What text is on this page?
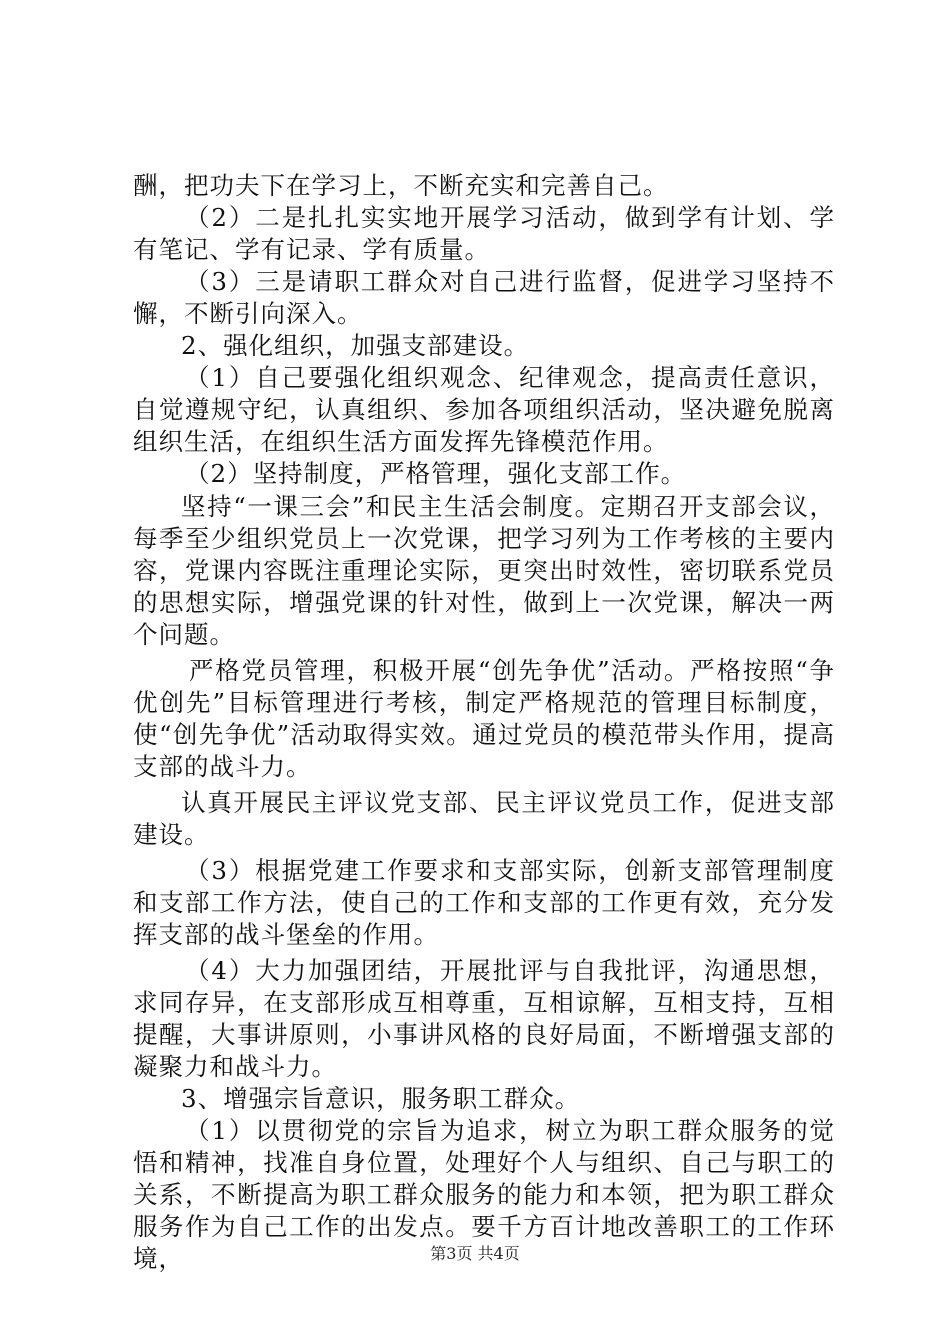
酬，把功夫下在学习上，不断充实和完善自己。

（2）二是扎扎实实地开展学习活动，做到学有计划、学有笔记、学有记录、学有质量。

（3）三是请职工群众对自己进行监督，促进学习坚持不懈，不断引向深入。

2、强化组织，加强支部建设。

（1）自己要强化组织观念、纪律观念，提高责任意识，自觉遵规守纪，认真组织、参加各项组织活动，坚决避免脱离组织生活，在组织生活方面发挥先锋模范作用。

（2）坚持制度，严格管理，强化支部工作。

坚持“一课三会”和民主生活会制度。定期召开支部会议，每季至少组织党员上一次党课，把学习列为工作考核的主要内容，党课内容既注重理论实际，更突出时效性，密切联系党员的思想实际，增强党课的针对性，做到上一次党课，解决一两个问题。

严格党员管理，积极开展“创先争优”活动。严格按照“争优创先”目标管理进行考核，制定严格规范的管理目标制度，使“创先争优”活动取得实效。通过党员的模范带头作用，提高支部的战斗力。

认真开展民主评议党支部、民主评议党员工作，促进支部建设。

（3）根据党建工作要求和支部实际，创新支部管理制度和支部工作方法，使自己的工作和支部的工作更有效，充分发挥支部的战斗堡垒的作用。

（4）大力加强团结，开展批评与自我批评，沟通思想，求同存异，在支部形成互相尊重，互相谅解，互相支持，互相提醒，大事讲原则，小事讲风格的良好局面，不断增强支部的凝聚力和战斗力。

3、增强宗旨意识，服务职工群众。

（1）以贯彻党的宗旨为追求，树立为职工群众服务的觉悟和精神，找准自身位置，处理好个人与组织、自己与职工的关系，不断提高为职工群众服务的能力和本领，把为职工群众服务作为自己工作的出发点。要千方百计地改善职工的工作环境，	第3页 共4页
